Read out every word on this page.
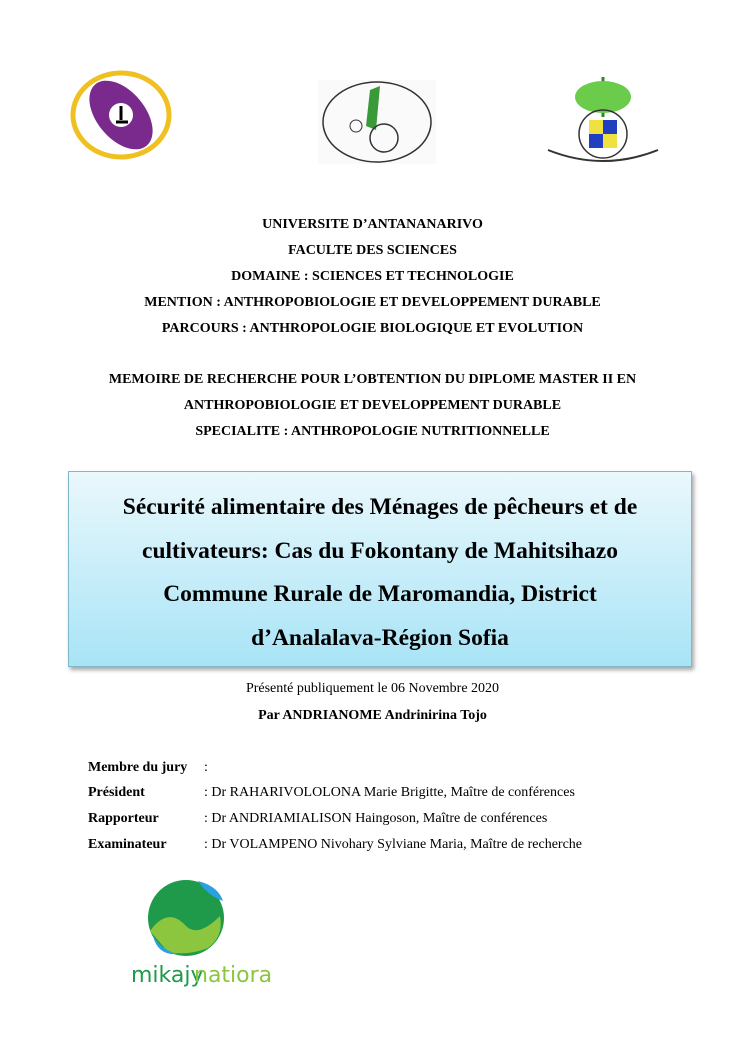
UNIVERSITE D’ANTANANARIVO
FACULTE DES SCIENCES
DOMAINE : SCIENCES ET TECHNOLOGIE
MENTION : ANTHROPOBIOLOGIE ET DEVELOPPEMENT DURABLE
PARCOURS : ANTHROPOLOGIE BIOLOGIQUE ET EVOLUTION
MEMOIRE DE RECHERCHE POUR L’OBTENTION DU DIPLOME MASTER II EN
ANTHROPOBIOLOGIE ET DEVELOPPEMENT DURABLE
SPECIALITE : ANTHROPOLOGIE NUTRITIONNELLE
Sécurité alimentaire des Ménages de pêcheurs et de
cultivateurs: Cas du Fokontany de Mahitsihazo
Commune Rurale de Maromandia, District
d’Analalava-Région Sofia
Présenté publiquement le 06 Novembre 2020
Par ANDRIANOME Andrinirina Tojo
Membre du jury :
Président	: Dr RAHARIVOLOLONA Marie Brigitte, Maître de conférences
Rapporteur	: Dr ANDRIAMIALISON Haingoson, Maître de conférences
Examinateur	: Dr VOLAMPENO Nivohary Sylviane Maria, Maître de recherche
mikajy
natiora
